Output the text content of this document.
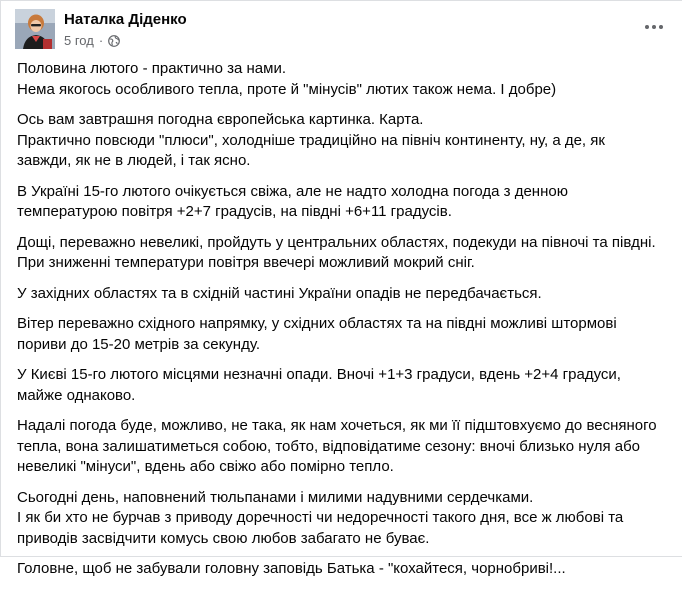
Наталка Діденко
5 год ·

Половина лютого - практично за нами.
Нема якогось особливого тепла, проте й "мінусів" лютих також нема. І добре)

Ось вам завтрашня погодна європейська картинка. Карта.
Практично повсюди "плюси", холодніше традиційно на північ континенту, ну, а де, як
завжди, як не в людей, і так ясно.

В Україні 15-го лютого очікується свіжа, але не надто холодна погода з денною
температурою повітря +2+7 градусів, на півдні +6+11 градусів.

Дощі, переважно невеликі, пройдуть у центральних областях, подекуди на півночі та півдні.
При зниженні температури повітря ввечері можливий мокрий сніг.

У західних областях та в східній частині України опадів не передбачається.

Вітер переважно східного напрямку, у східних областях та на півдні можливі штормові
пориви до 15-20 метрів за секунду.

У Києві 15-го лютого місцями незначні опади. Вночі +1+3 градуси, вдень +2+4 градуси,
майже однаково.

Надалі погода буде, можливо, не така, як нам хочеться, як ми її підштовхуємо до весняного
тепла, вона залишатиметься собою, тобто, відповідатиме сезону: вночі близько нуля або
невеликі "мінуси", вдень або свіжо або помірно тепло.

Сьогодні день, наповнений тюльпанами і милими надувними сердечками.
І як би хто не бурчав з приводу доречності чи недоречності такого дня, все ж любові та
приводів засвідчити комусь свою любов забагато не буває.

Головне, щоб не забували головну заповідь Батька - "кохайтеся, чорнобриві!...
